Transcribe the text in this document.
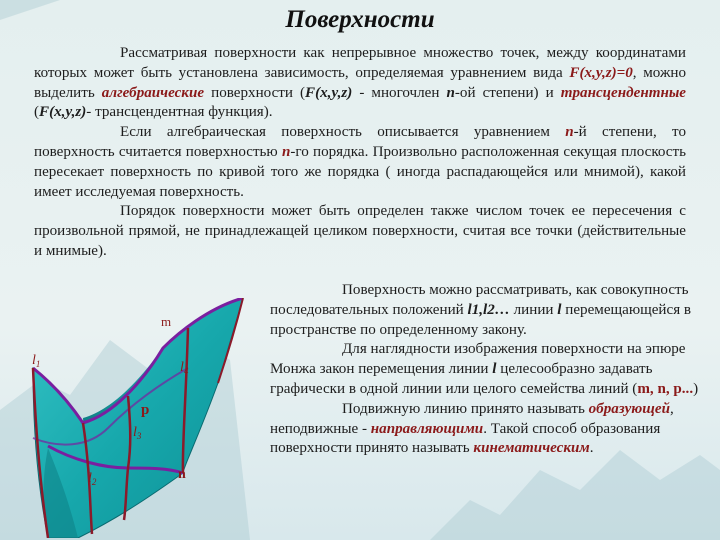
Поверхности

Рассматривая поверхности как непрерывное множество точек, между координатами которых может быть установлена зависимость, определяемая уравнением вида F(x,y,z)=0, можно выделить алгебраические поверхности (F(x,y,z) - многочлен n-ой степени) и трансцендентные (F(x,y,z)- трансцендентная функция).

Если алгебраическая поверхность описывается уравнением n-й степени, то поверхность считается поверхностью n-го порядка. Произвольно расположенная секущая плоскость пересекает поверхность по кривой того же порядка ( иногда распадающейся или мнимой), какой имеет исследуемая поверхность.

Порядок поверхности может быть определен также числом точек ее пересечения с произвольной прямой, не принадлежащей целиком поверхности, считая все точки (действительные и мнимые).

Поверхность можно рассматривать, как совокупность последовательных положений l1,l2… линии l перемещающейся в пространстве по определенному закону.

Для наглядности изображения поверхности на эпюре Монжа закон перемещения линии l целесообразно задавать графически в одной линии или целого семейства линий (m, n, p...)

Подвижную линию принято называть образующей, неподвижные - направляющими. Такой способ образования поверхности принято называть кинематическим.

m
p
n
$l_1$
$l_2$
$l_3$
$l_4$
